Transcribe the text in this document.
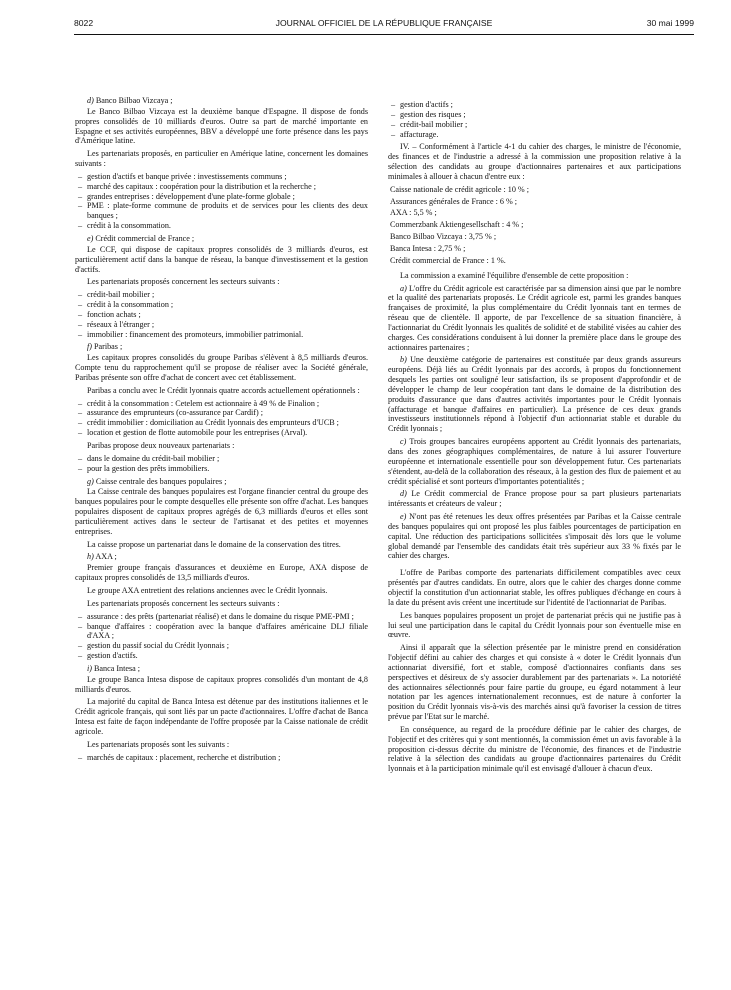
8022	JOURNAL OFFICIEL DE LA RÉPUBLIQUE FRANÇAISE	30 mai 1999
d) Banco Bilbao Vizcaya ;

Le Banco Bilbao Vizcaya est la deuxième banque d'Espagne. Il dispose de fonds propres consolidés de 10 milliards d'euros. Outre sa part de marché importante en Espagne et ses activités européennes, BBV a développé une forte présence dans les pays d'Amérique latine.

Les partenariats proposés, en particulier en Amérique latine, concernent les domaines suivants :

– gestion d'actifs et banque privée : investissements communs ;
– marché des capitaux : coopération pour la distribution et la recherche ;
– grandes entreprises : développement d'une plate-forme globale ;
– PME : plate-forme commune de produits et de services pour les clients des deux banques ;
– crédit à la consommation.
e) Crédit commercial de France ;

Le CCF, qui dispose de capitaux propres consolidés de 3 milliards d'euros, est particulièrement actif dans la banque de réseau, la banque d'investissement et la gestion d'actifs.

Les partenariats proposés concernent les secteurs suivants :

– crédit-bail mobilier ;
– crédit à la consommation ;
– fonction achats ;
– réseaux à l'étranger ;
– immobilier : financement des promoteurs, immobilier patrimonial.
f) Paribas ;

Les capitaux propres consolidés du groupe Paribas s'élèvent à 8,5 milliards d'euros. Compte tenu du rapprochement qu'il se propose de réaliser avec la Société générale, Paribas présente son offre d'achat de concert avec cet établissement.

Paribas a conclu avec le Crédit lyonnais quatre accords actuellement opérationnels :

– crédit à la consommation : Cetelem est actionnaire à 49 % de Finalion ;
– assurance des emprunteurs (co-assurance par Cardif) ;
– crédit immobilier : domiciliation au Crédit lyonnais des emprunteurs d'UCB ;
– location et gestion de flotte automobile pour les entreprises (Arval).

Paribas propose deux nouveaux partenariats :

– dans le domaine du crédit-bail mobilier ;
– pour la gestion des prêts immobiliers.
g) Caisse centrale des banques populaires ;

La Caisse centrale des banques populaires est l'organe financier central du groupe des banques populaires pour le compte desquelles elle présente son offre d'achat. Les banques populaires disposent de capitaux propres agrégés de 6,3 milliards d'euros et elles sont particulièrement actives dans le secteur de l'artisanat et des petites et moyennes entreprises.

La caisse propose un partenariat dans le domaine de la conservation des titres.

h) AXA ;

Premier groupe français d'assurances et deuxième en Europe, AXA dispose de capitaux propres consolidés de 13,5 milliards d'euros.

Le groupe AXA entretient des relations anciennes avec le Crédit lyonnais.

Les partenariats proposés concernent les secteurs suivants :

– assurance : des prêts (partenariat réalisé) et dans le domaine du risque PME-PMI ;
– banque d'affaires : coopération avec la banque d'affaires américaine DLJ filiale d'AXA ;
– gestion du passif social du Crédit lyonnais ;
– gestion d'actifs.
i) Banca Intesa ;

Le groupe Banca Intesa dispose de capitaux propres consolidés d'un montant de 4,8 milliards d'euros.

La majorité du capital de Banca Intesa est détenue par des institutions italiennes et le Crédit agricole français, qui sont liés par un pacte d'actionnaires. L'offre d'achat de Banca Intesa est faite de façon indépendante de l'offre proposée par la Caisse nationale de crédit agricole.

Les partenariats proposés sont les suivants :

– marchés de capitaux : placement, recherche et distribution ;
– gestion d'actifs ;
– gestion des risques ;
– crédit-bail mobilier ;
– affacturage.

IV. – Conformément à l'article 4-1 du cahier des charges, le ministre de l'économie, des finances et de l'industrie a adressé à la commission une proposition relative à la sélection des candidats au groupe d'actionnaires partenaires et aux participations minimales à allouer à chacun d'entre eux :

Caisse nationale de crédit agricole : 10 % ;
Assurances générales de France : 6 % ;
AXA : 5,5 % ;
Commerzbank Aktiengesellschaft : 4 % ;
Banco Bilbao Vizcaya : 3,75 % ;
Banca Intesa : 2,75 % ;
Crédit commercial de France : 1 %.

La commission a examiné l'équilibre d'ensemble de cette proposition :

a) L'offre du Crédit agricole est caractérisée par sa dimension ainsi que par le nombre et la qualité des partenariats proposés. Le Crédit agricole est, parmi les grandes banques françaises de proximité, la plus complémentaire du Crédit lyonnais tant en termes de réseau que de clientèle. Il apporte, de par l'excellence de sa situation financière, à l'actionnariat du Crédit lyonnais les qualités de solidité et de stabilité visées au cahier des charges. Ces considérations conduisent à lui donner la première place dans le groupe des actionnaires partenaires ;

b) Une deuxième catégorie de partenaires est constituée par deux grands assureurs européens. Déjà liés au Crédit lyonnais par des accords, à propos du fonctionnement desquels les parties ont souligné leur satisfaction, ils se proposent d'approfondir et de développer le champ de leur coopération tant dans le domaine de la distribution des produits d'assurance que dans d'autres activités importantes pour le Crédit lyonnais (affacturage et banque d'affaires en particulier). La présence de ces deux grands investisseurs institutionnels répond à l'objectif d'un actionnariat stable et durable du Crédit lyonnais ;

c) Trois groupes bancaires européens apportent au Crédit lyonnais des partenariats, dans des zones géographiques complémentaires, de nature à lui assurer l'ouverture européenne et internationale essentielle pour son développement futur. Ces partenariats s'étendent, au-delà de la collaboration des réseaux, à la gestion des flux de paiement et au crédit spécialisé et sont porteurs d'importantes potentialités ;

d) Le Crédit commercial de France propose pour sa part plusieurs partenariats intéressants et créateurs de valeur ;

e) N'ont pas été retenues les deux offres présentées par Paribas et la Caisse centrale des banques populaires qui ont proposé les plus faibles pourcentages de participation en capital. Une réduction des participations sollicitées s'imposait dès lors que le volume global demandé par l'ensemble des candidats était très supérieur aux 33 % fixés par le cahier des charges.

L'offre de Paribas comporte des partenariats difficilement compatibles avec ceux présentés par d'autres candidats. En outre, alors que le cahier des charges donne comme objectif la constitution d'un actionnariat stable, les offres publiques d'échange en cours à la date du présent avis créent une incertitude sur l'identité de l'actionnariat de Paribas.

Les banques populaires proposent un projet de partenariat précis qui ne justifie pas à lui seul une participation dans le capital du Crédit lyonnais pour son éventuelle mise en œuvre.

Ainsi il apparaît que la sélection présentée par le ministre prend en considération l'objectif défini au cahier des charges et qui consiste à « doter le Crédit lyonnais d'un actionnariat diversifié, fort et stable, composé d'actionnaires confiants dans ses perspectives et désireux de s'y associer durablement par des partenariats ». La notoriété des actionnaires sélectionnés pour faire partie du groupe, eu égard notamment à leur notation par les agences internationalement reconnues, est de nature à conforter la position du Crédit lyonnais vis-à-vis des marchés ainsi qu'à favoriser la cession de titres prévue par l'Etat sur le marché.

En conséquence, au regard de la procédure définie par le cahier des charges, de l'objectif et des critères qui y sont mentionnés, la commission émet un avis favorable à la proposition ci-dessus décrite du ministre de l'économie, des finances et de l'industrie relative à la sélection des candidats au groupe d'actionnaires partenaires du Crédit lyonnais et à la participation minimale qu'il est envisagé d'allouer à chacun d'eux.
